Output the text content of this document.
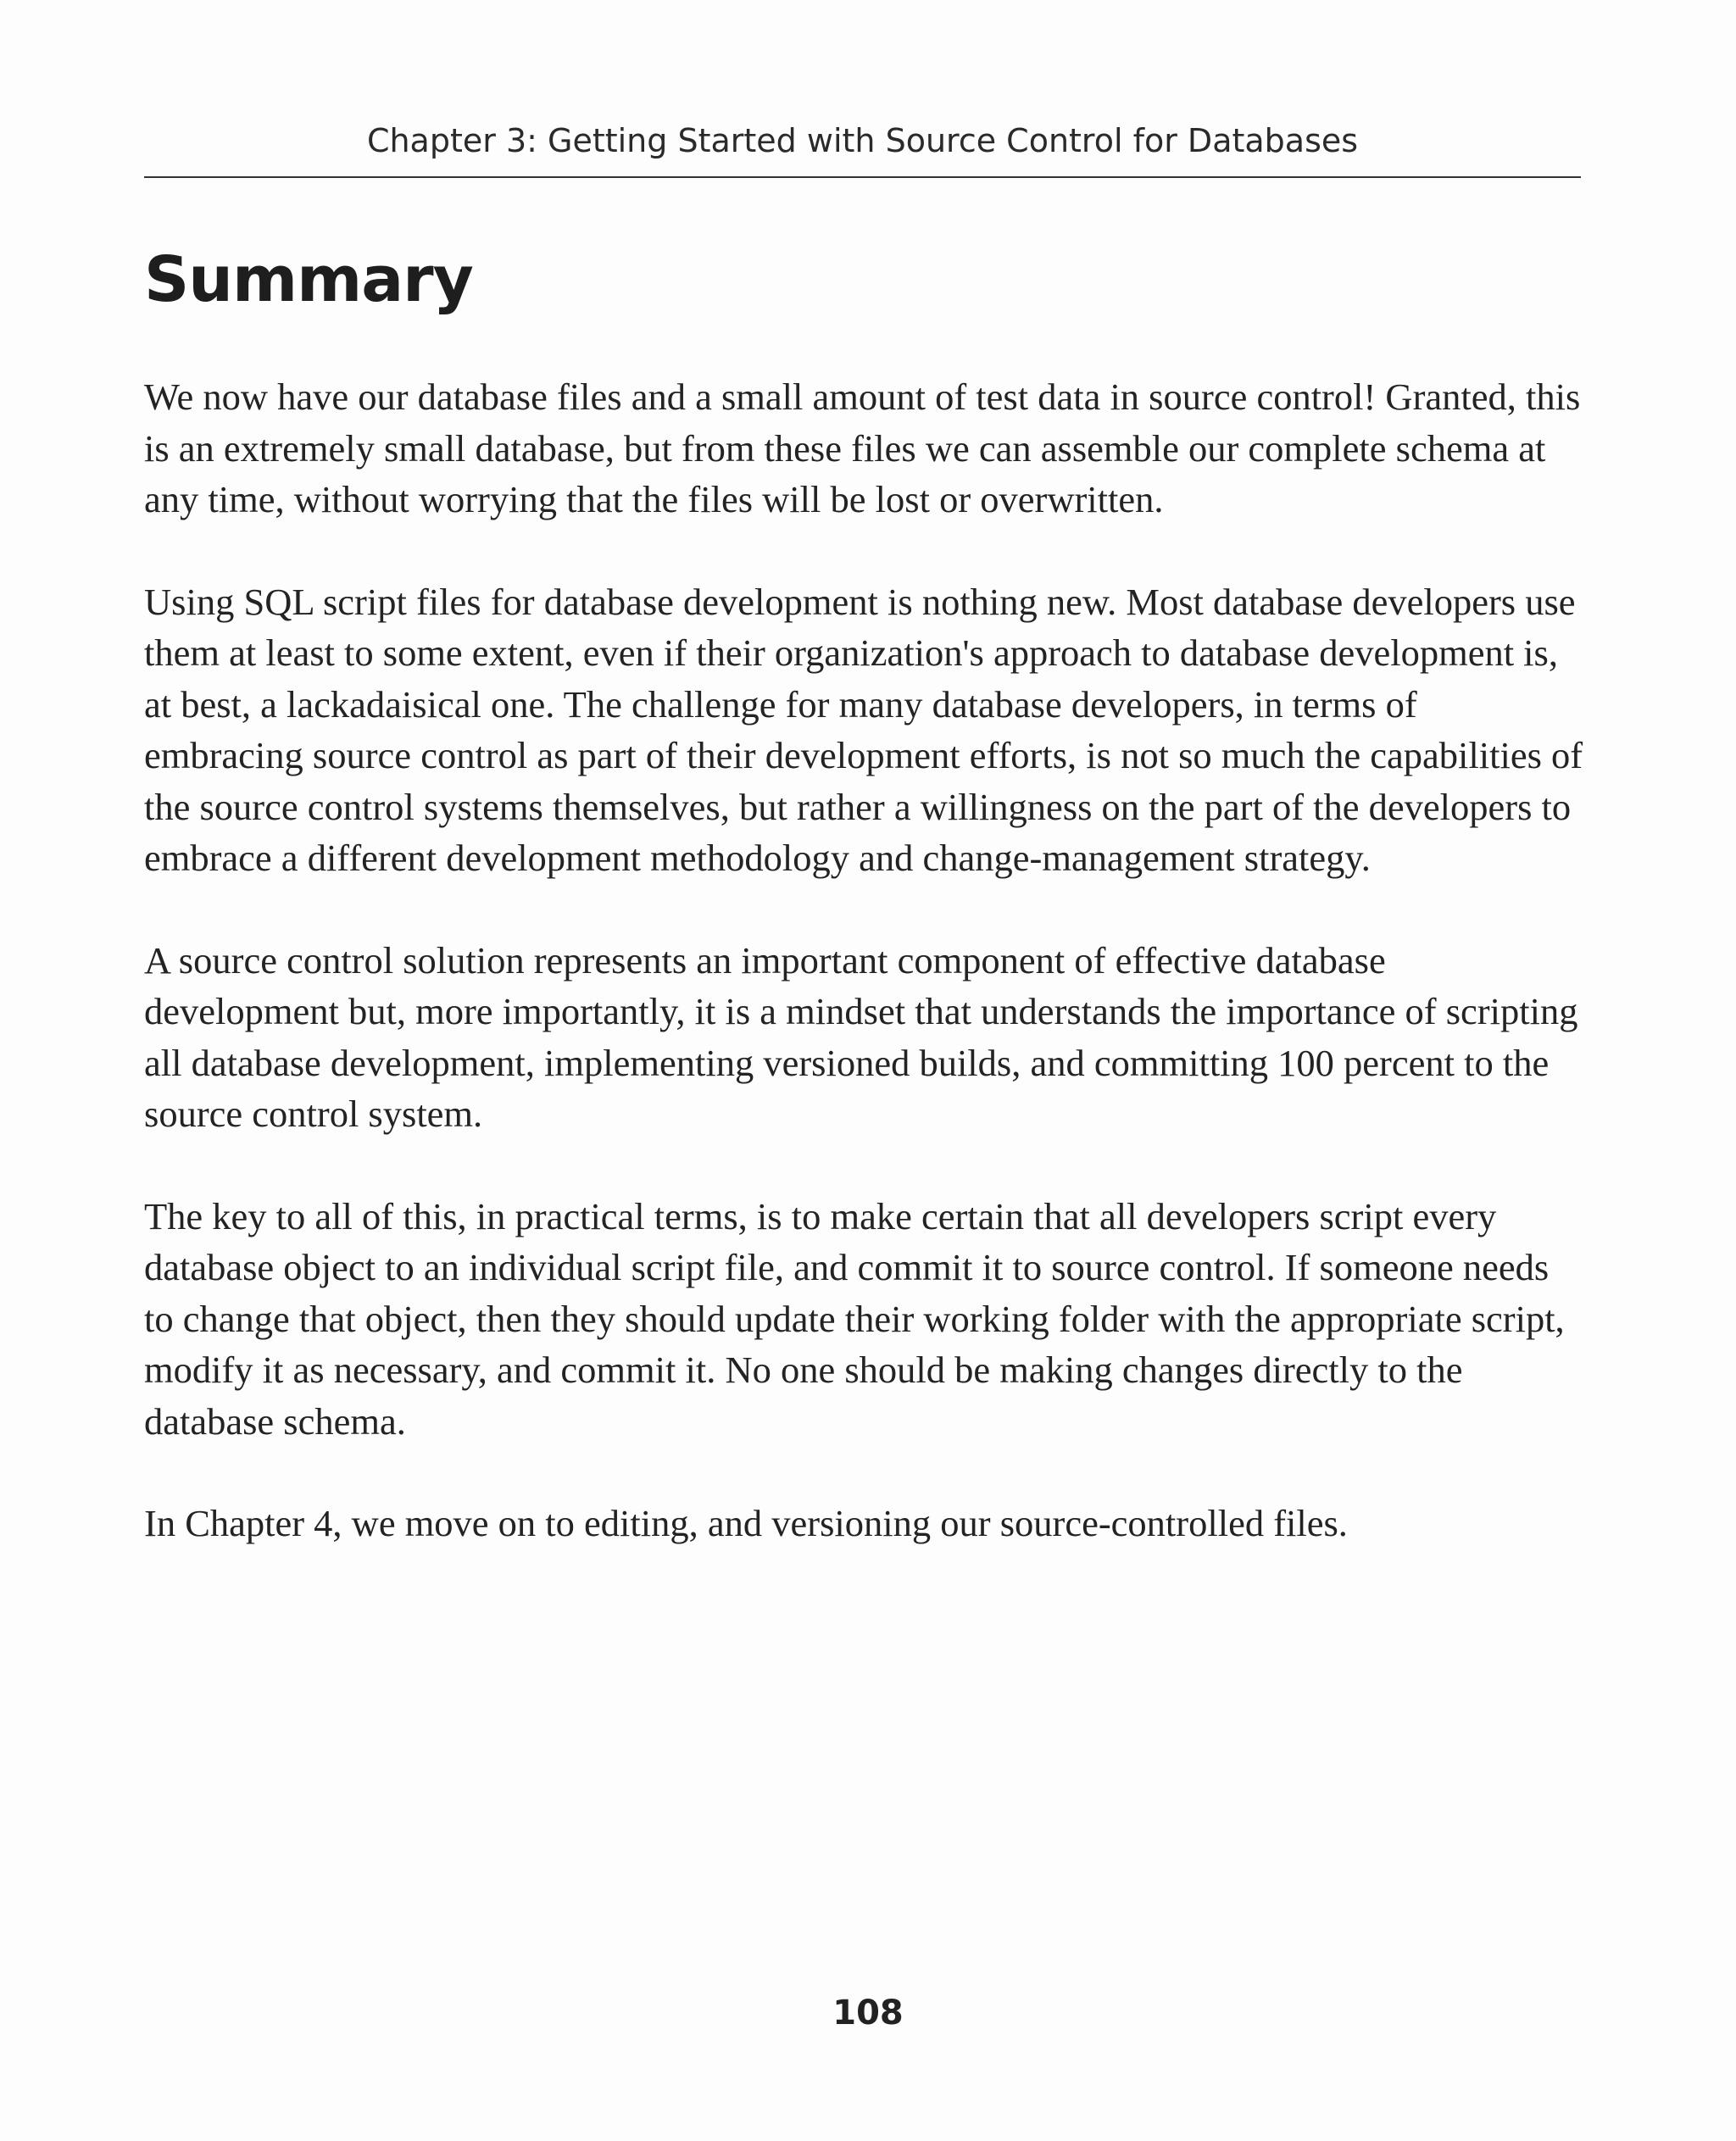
Chapter 3: Getting Started with Source Control for Databases
Summary

We now have our database files and a small amount of test data in source control! Granted, this is an extremely small database, but from these files we can assemble our complete schema at any time, without worrying that the files will be lost or overwritten.

Using SQL script files for database development is nothing new. Most database developers use them at least to some extent, even if their organization's approach to database development is, at best, a lackadaisical one. The challenge for many database developers, in terms of embracing source control as part of their development efforts, is not so much the capabilities of the source control systems themselves, but rather a willingness on the part of the developers to embrace a different development methodology and change-management strategy.

A source control solution represents an important component of effective database development but, more importantly, it is a mindset that understands the importance of scripting all database development, implementing versioned builds, and committing 100 percent to the source control system.

The key to all of this, in practical terms, is to make certain that all developers script every database object to an individual script file, and commit it to source control. If someone needs to change that object, then they should update their working folder with the appropriate script, modify it as necessary, and commit it. No one should be making changes directly to the database schema.

In Chapter 4, we move on to editing, and versioning our source-controlled files.

108
